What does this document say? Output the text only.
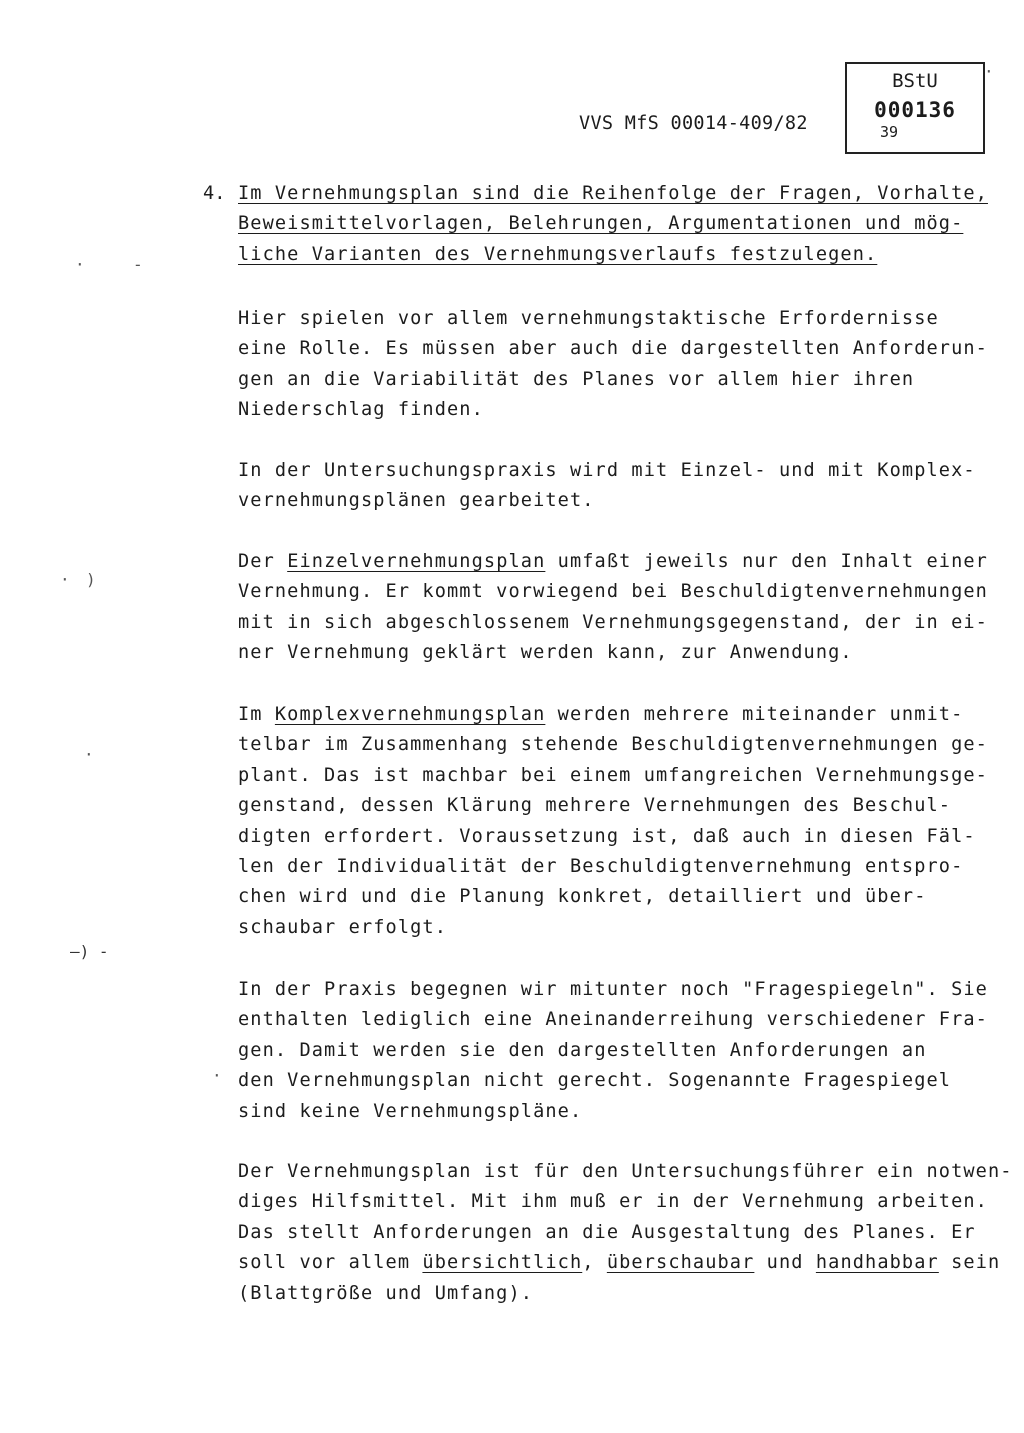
BStU
000136
39
VVS MfS 00014-409/82
4. Im Vernehmungsplan sind die Reihenfolge der Fragen, Vorhalte,
Beweismittelvorlagen, Belehrungen, Argumentationen und mög-
liche Varianten des Vernehmungsverlaufs festzulegen.
Hier spielen vor allem vernehmungstaktische Erfordernisse
eine Rolle. Es müssen aber auch die dargestellten Anforderun-
gen an die Variabilität des Planes vor allem hier ihren
Niederschlag finden.
In der Untersuchungspraxis wird mit Einzel- und mit Komplex-
vernehmungsplänen gearbeitet.
Der Einzelvernehmungsplan umfaßt jeweils nur den Inhalt einer
Vernehmung. Er kommt vorwiegend bei Beschuldigtenvernehmungen
mit in sich abgeschlossenem Vernehmungsgegenstand, der in ei-
ner Vernehmung geklärt werden kann, zur Anwendung.
Im Komplexvernehmungsplan werden mehrere miteinander unmit-
telbar im Zusammenhang stehende Beschuldigtenvernehmungen ge-
plant. Das ist machbar bei einem umfangreichen Vernehmungsge-
genstand, dessen Klärung mehrere Vernehmungen des Beschul-
digten erfordert. Voraussetzung ist, daß auch in diesen Fäl-
len der Individualität der Beschuldigtenvernehmung entspro-
chen wird und die Planung konkret, detailliert und über-
schaubar erfolgt.
In der Praxis begegnen wir mitunter noch "Fragespiegeln". Sie
enthalten lediglich eine Aneinanderreihung verschiedener Fra-
gen. Damit werden sie den dargestellten Anforderungen an
den Vernehmungsplan nicht gerecht. Sogenannte Fragespiegel
sind keine Vernehmungspläne.
Der Vernehmungsplan ist für den Untersuchungsführer ein notwen-
diges Hilfsmittel. Mit ihm muß er in der Vernehmung arbeiten.
Das stellt Anforderungen an die Ausgestaltung des Planes. Er
soll vor allem übersichtlich, überschaubar und handhabbar sein
(Blattgröße und Umfang).
·	-
· )
·
—) -
·
·
